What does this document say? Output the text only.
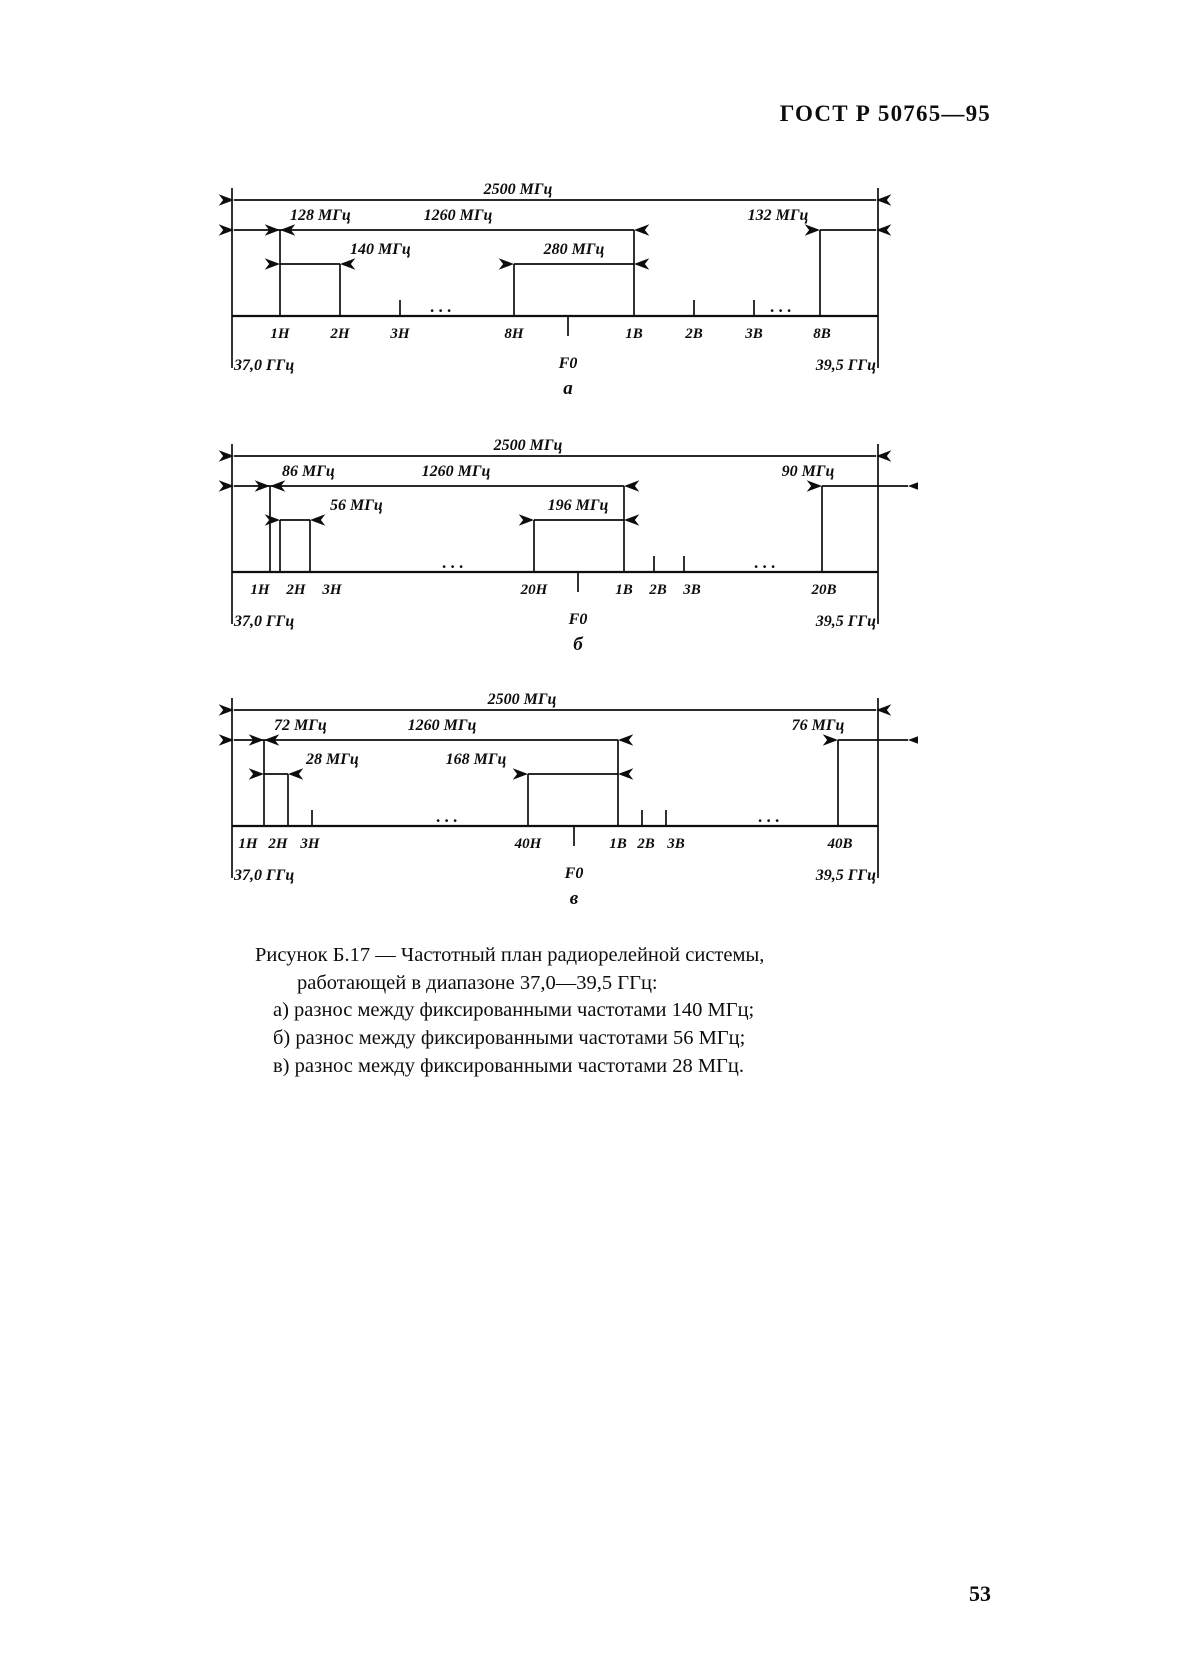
ГОСТ Р 50765—95
. . .	. . .
2500 МГц
128 МГц	1260 МГц	132 МГц
140 МГц	280 МГц
1Н	2Н	3Н	8Н	1В	2В	3В	8В
37,0 ГГц	39,5 ГГц
F0
а
. . .	. . .
2500 МГц
86 МГц	1260 МГц	90 МГц
56 МГц	196 МГц
1Н 2Н 3Н	20Н	1В 2В 3В	20В
37,0 ГГц	39,5 ГГц
F0
б
. . .	. . .
2500 МГц
72 МГц	1260 МГц	76 МГц
28 МГц	168 МГц
1Н 2Н 3Н	40Н	1В 2В 3В	40В
37,0 ГГц	39,5 ГГц
F0
в
Рисунок Б.17 — Частотный план радиорелейной системы,
работающей в диапазоне 37,0—39,5 ГГц:
а) разнос между фиксированными частотами 140 МГц;
б) разнос между фиксированными частотами 56 МГц;
в) разнос между фиксированными частотами 28 МГц.
53
